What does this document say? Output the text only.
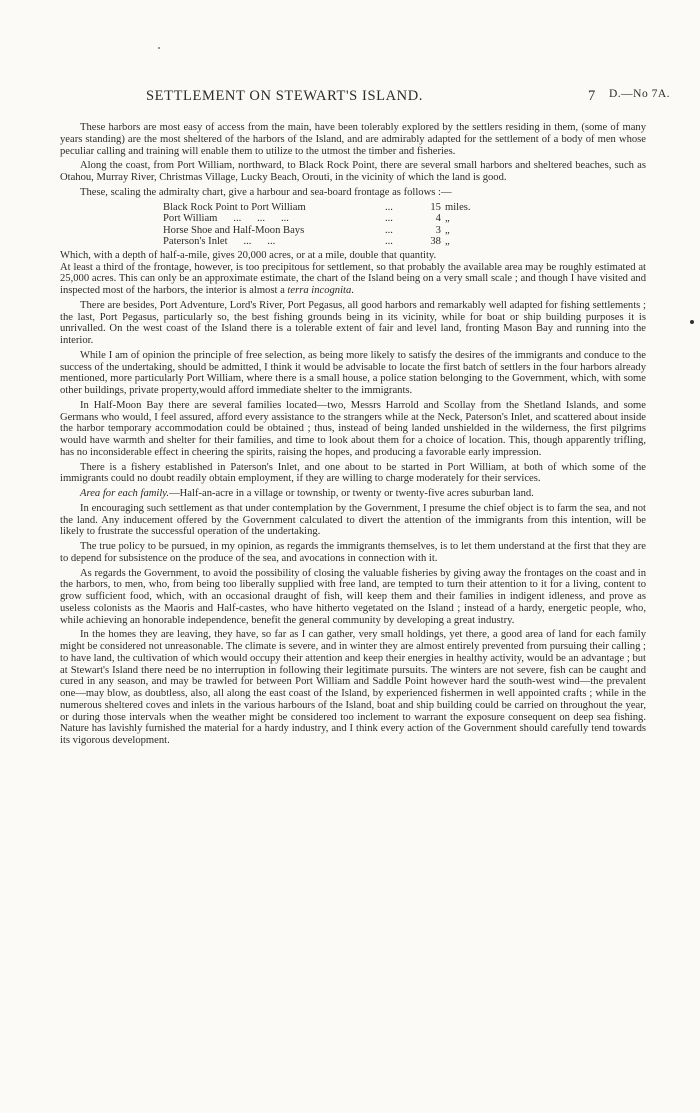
SETTLEMENT ON STEWART'S ISLAND.	7 D.—No 7A.

These harbors are most easy of access from the main, have been tolerably explored by the settlers residing in them, (some of many years standing) are the most sheltered of the harbors of the Island, and are admirably adapted for the settlement of a body of men whose peculiar calling and training will enable them to utilize to the utmost the timber and fisheries.

Along the coast, from Port William, northward, to Black Rock Point, there are several small harbors and sheltered beaches, such as Otahou, Murray River, Christmas Village, Lucky Beach, Orouti, in the vicinity of which the land is good.

These, scaling the admiralty chart, give a harbour and sea-board frontage as follows :—

Black Rock Point to Port William	...	15 miles.
Port William      ...      ...      ...	...	4 „
Horse Shoe and Half-Moon Bays	...	3 „
Paterson's Inlet      ...      ...	...	38 „

Which, with a depth of half-a-mile, gives 20,000 acres, or at a mile, double that quantity.

At least a third of the frontage, however, is too precipitous for settlement, so that probably the available area may be roughly estimated at 25,000 acres. This can only be an approximate estimate, the chart of the Island being on a very small scale ; and though I have visited and inspected most of the harbors, the interior is almost a terra incognita.

There are besides, Port Adventure, Lord's River, Port Pegasus, all good harbors and remarkably well adapted for fishing settlements ; the last, Port Pegasus, particularly so, the best fishing grounds being in its vicinity, while for boat or ship building purposes it is unrivalled. On the west coast of the Island there is a tolerable extent of fair and level land, fronting Mason Bay and running into the interior.

While I am of opinion the principle of free selection, as being more likely to satisfy the desires of the immigrants and conduce to the success of the undertaking, should be admitted, I think it would be advisable to locate the first batch of settlers in the four harbors already mentioned, more particularly Port William, where there is a small house, a police station belonging to the Government, which, with some other buildings, private property,would afford immediate shelter to the immigrants.

In Half-Moon Bay there are several families located—two, Messrs Harrold and Scollay from the Shetland Islands, and some Germans who would, I feel assured, afford every assistance to the strangers while at the Neck, Paterson's Inlet, and scattered about inside the harbor temporary accommodation could be obtained ; thus, instead of being landed unshielded in the wilderness, the first pilgrims would have warmth and shelter for their families, and time to look about them for a choice of location. This, though apparently trifling, has no inconsiderable effect in cheering the spirits, raising the hopes, and producing a favorable early impression.

There is a fishery established in Paterson's Inlet, and one about to be started in Port William, at both of which some of the immigrants could no doubt readily obtain employment, if they are willing to charge moderately for their services.

Area for each family.—Half-an-acre in a village or township, or twenty or twenty-five acres suburban land.

In encouraging such settlement as that under contemplation by the Government, I presume the chief object is to farm the sea, and not the land. Any inducement offered by the Government calculated to divert the attention of the immigrants from this intention, will be likely to frustrate the successful operation of the undertaking.

The true policy to be pursued, in my opinion, as regards the immigrants themselves, is to let them understand at the first that they are to depend for subsistence on the produce of the sea, and avocations in connection with it.

As regards the Government, to avoid the possibility of closing the valuable fisheries by giving away the frontages on the coast and in the harbors, to men, who, from being too liberally supplied with free land, are tempted to turn their attention to it for a living, content to grow sufficient food, which, with an occasional draught of fish, will keep them and their families in indigent idleness, and prove as useless colonists as the Maoris and Half-castes, who have hitherto vegetated on the Island ; instead of a hardy, energetic people, who, while achieving an honorable independence, benefit the general community by developing a great industry.

In the homes they are leaving, they have, so far as I can gather, very small holdings, yet there, a good area of land for each family might be considered not unreasonable. The climate is severe, and in winter they are almost entirely prevented from pursuing their calling ; to have land, the cultivation of which would occupy their attention and keep their energies in healthy activity, would be an advantage ; but at Stewart's Island there need be no interruption in following their legitimate pursuits. The winters are not severe, fish can be caught and cured in any season, and may be trawled for between Port William and Saddle Point however hard the south-west wind—the prevalent one—may blow, as doubtless, also, all along the east coast of the Island, by experienced fishermen in well appointed crafts ; while in the numerous sheltered coves and inlets in the various harbours of the Island, boat and ship building could be carried on throughout the year, or during those intervals when the weather might be considered too inclement to warrant the exposure consequent on deep sea fishing. Nature has lavishly furnished the material for a hardy industry, and I think every action of the Government should carefully tend towards its vigorous development.
